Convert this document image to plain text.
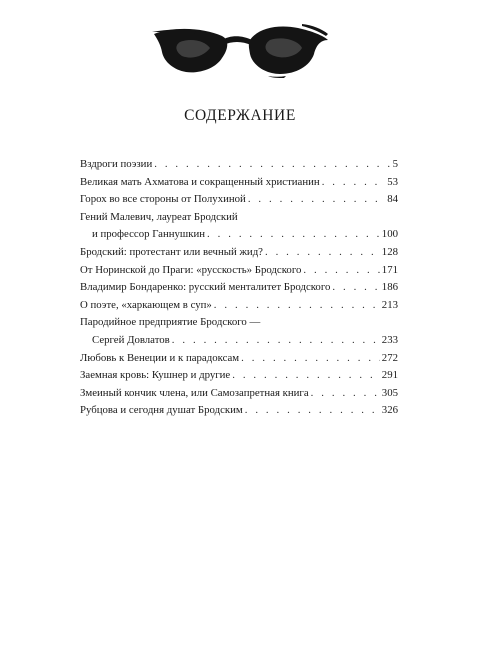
СОДЕРЖАНИЕ
Вздроги поэзии . . .	5
Великая мать Ахматова и сокращенный христианин . . .	53
Горох во все стороны от Полухиной . . .	84
Гений Малевич, лауреат Бродский
и профессор Ганнушкин . . .	100
Бродский: протестант или вечный жид? . . .	128
От Норинской до Праги: «русскость» Бродского . . .	171
Владимир Бондаренко: русский менталитет Бродского . . .	186
О поэте, «харкающем в суп» . . .	213
Пародийное предприятие Бродского —
Сергей Довлатов . . .	233
Любовь к Венеции и к парадоксам . . .	272
Заемная кровь: Кушнер и другие . . .	291
Змеиный кончик члена, или Самозапретная книга . . .	305
Рубцова и сегодня душат Бродским . . .	326
